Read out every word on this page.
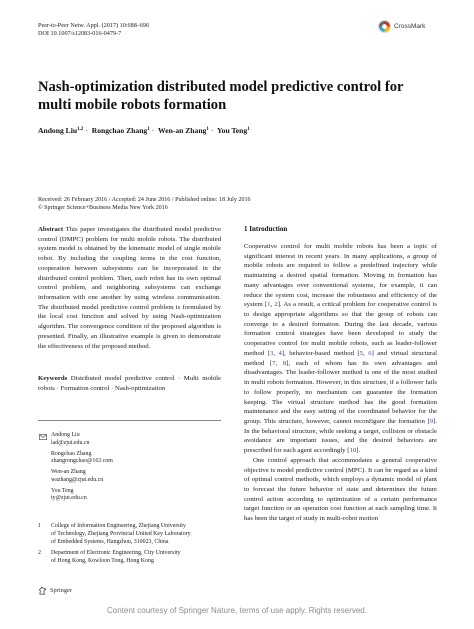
Peer-to-Peer Netw. Appl. (2017) 10:688–696
DOI 10.1007/s12083-016-0479-7
CrossMark
Nash-optimization distributed model predictive control for multi mobile robots formation
Andong Liu$^{1,2}$ · Rongchao Zhang$^1$ · Wen-an Zhang$^1$ · You Teng$^1$
Received: 26 February 2016 / Accepted: 24 June 2016 / Published online: 18 July 2016
© Springer Science+Business Media New York 2016

Abstract This paper investigates the distributed model predictive control (DMPC) problem for multi mobile robots. The distributed system model is obtained by the kinematic model of single mobile robot. By including the coupling terms in the cost function, cooperation between subsystems can be incorporated in the distributed control problem. Then, each robot has its own optimal control problem, and neighboring subsystems can exchange information with one another by using wireless communication. The distributed model predictive control problem is formulated by the local cost function and solved by using Nash-optimization algorithm. The convergence condition of the proposed algorithm is presented. Finally, an illustrative example is given to demonstrate the effectiveness of the proposed method.

Keywords Distributed model predictive control · Multi mobile robots · Formation control · Nash-optimization

Andong Liu
lad@zjut.edu.cn
Rongchao Zhang
zhangrongchao@163.com
Wen-an Zhang
wazhang@zjut.edu.cn
You Teng
ty@zjut.edu.cn
1	College of Information Engineering, Zhejiang University
of Technology, Zhejiang Provincial United Key Laboratory
of Embedded Systems, Hangzhou, 310023, China
2	Department of Electronic Engineering, City University
of Hong Kong, Kowloon Tong, Hong Kong
Springer
1 Introduction

Cooperative control for multi mobile robots has been a topic of significant interest in recent years. In many applications, a group of mobile robots are required to follow a predefined trajectory while maintaining a desired spatial formation. Moving in formation has many advantages over conventional systems, for example, it can reduce the system cost, increase the robustness and efficiency of the system [1, 2]. As a result, a critical problem for cooperative control is to design appropriate algorithms so that the group of robots can converge to a desired formation. During the last decade, various formation control strategies have been developed to study the cooperative control for multi mobile robots, such as leader-follower method [3, 4], behavior-based method [5, 6] and virtual structural method [7, 8], each of whom has its own advantages and disadvantages. The leader-follower method is one of the most studied in multi robots formation. However, in this structure, if a follower fails to follow properly, no mechanism can guarantee the formation keeping. The virtual structure method has the good formation maintenance and the easy setting of the coordinated behavior for the group. This structure, however, cannot reconfigure the formation [9]. In the behavioral structure, while seeking a target, collision or obstacle avoidance are important issues, and the desired behaviors are prescribed for each agent accordingly [10].

One control approach that accommodates a general cooperative objective is model predictive control (MPC). It can be regard as a kind of optimal control methods, which employs a dynamic model of plant to forecast the future behavior of state and determines the future control action according to optimization of a certain performance target function or an operation cost function at each sampling time. It has been the target of study in multi-robot motion

Content courtesy of Springer Nature, terms of use apply. Rights reserved.
